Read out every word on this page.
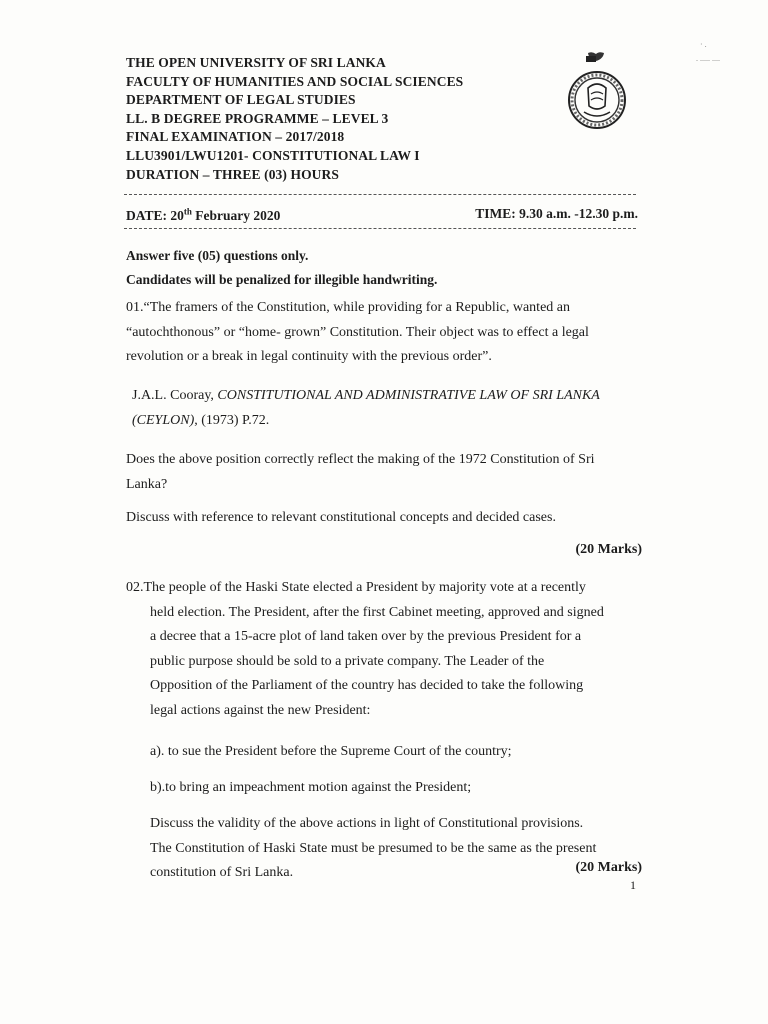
THE OPEN UNIVERSITY OF SRI LANKA
FACULTY OF HUMANITIES AND SOCIAL SCIENCES
DEPARTMENT OF LEGAL STUDIES
LL. B DEGREE PROGRAMME – LEVEL 3
FINAL EXAMINATION – 2017/2018
LLU3901/LWU1201- CONSTITUTIONAL LAW I
DURATION – THREE (03) HOURS
· .
. ..... ....
DATE: 20th February 2020	TIME: 9.30 a.m. -12.30 p.m.
Answer five (05) questions only.
Candidates will be penalized for illegible handwriting.
01.“The framers of the Constitution, while providing for a Republic, wanted an
“autochthonous” or “home- grown” Constitution. Their object was to effect a legal
revolution or a break in legal continuity with the previous order”.
J.A.L. Cooray, CONSTITUTIONAL AND ADMINISTRATIVE LAW OF SRI LANKA
(CEYLON), (1973) P.72.
Does the above position correctly reflect the making of the 1972 Constitution of Sri
Lanka?
Discuss with reference to relevant constitutional concepts and decided cases.
(20 Marks)
02.The people of the Haski State elected a President by majority vote at a recently
held election. The President, after the first Cabinet meeting, approved and signed
a decree that a 15-acre plot of land taken over by the previous President for a
public purpose should be sold to a private company. The Leader of the
Opposition of the Parliament of the country has decided to take the following
legal actions against the new President:
a). to sue the President before the Supreme Court of the country;
b).to bring an impeachment motion against the President;
Discuss the validity of the above actions in light of Constitutional provisions.
The Constitution of Haski State must be presumed to be the same as the present
constitution of Sri Lanka.	(20 Marks)
1
